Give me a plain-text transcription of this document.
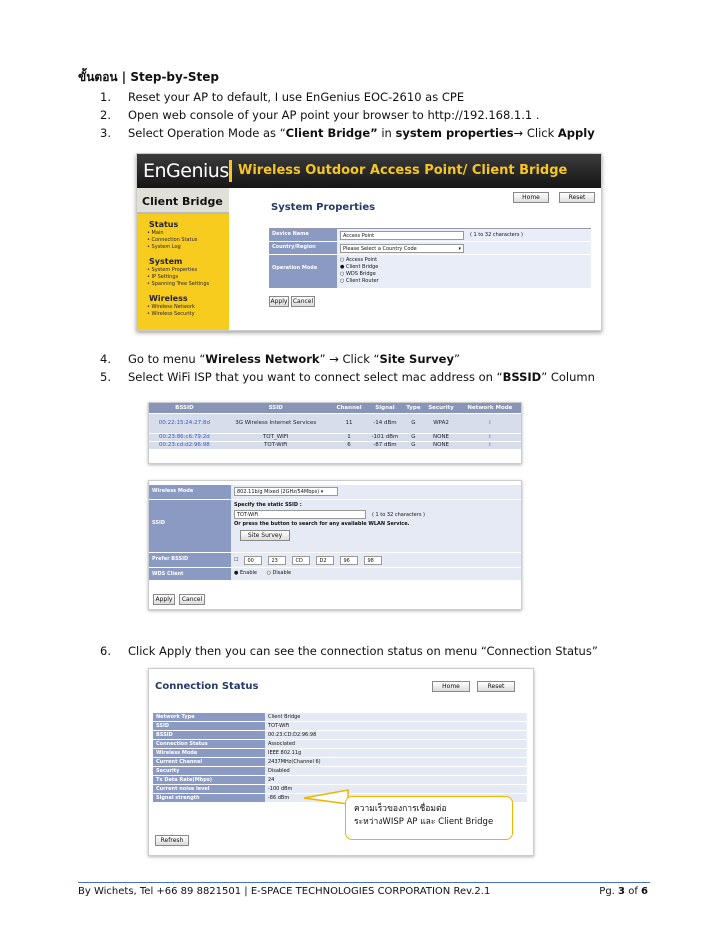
ขั้นตอน | Step-by-Step
1.	Reset your AP to default, I use EnGenius EOC-2610 as CPE
2.	Open web console of your AP point your browser to http://192.168.1.1 .
3.	Select Operation Mode as “Client Bridge” in system properties→ Click Apply
EnGenius Wireless Outdoor Access Point/ Client Bridge
Client Bridge
Status
• Main
• Connection Status
• System Log
System
• System Properties
• IP Settings
• Spanning Tree Settings
Wireless
• Wireless Network
• Wireless Security
System Properties
Home	Reset
Device Name	Access Point	( 1 to 32 characters )
Country/Region	Please Select a Country Code	▾
Operation Mode
○ Access Point
● Client Bridge
○ WDS Bridge
○ Client Router
Apply Cancel
4.	Go to menu “Wireless Network” → Click “Site Survey”
5.	Select WiFi ISP that you want to connect select mac address on “BSSID” Column
BSSID	SSID	Channel	Signal	Type	Security	Network Mode
00:22:15:24:27:8d	3G Wireless Internet Services	11	-14 dBm	G	WPA2	i
00:23:86:c6:79:2d	TOT_WIFI	1	-101 dBm	G	NONE	i
00:23:cd:d2:96:98	TOT-WiFi	6	-87 dBm	G	NONE	i
Wireless Mode	802.11b/g Mixed (2GHz/54Mbps) ▾
SSID
Specify the static SSID :
TOT-WiFi	( 1 to 32 characters )
Or press the button to search for any available WLAN Service.
Site Survey
Prefer BSSID	☐	00	23	CD	D2	96	98
WDS Client	● Enable ○ Disable
Apply	Cancel
6.	Click Apply then you can see the connection status on menu “Connection Status”
Connection Status	Home	Reset
Network Type	Client Bridge
SSID	TOT-WiFi
BSSID	00:23:CD:D2:96:98
Connection Status	Associated
Wireless Mode	IEEE 802.11g
Current Channel	2437MHz(Channel 6)
Security	Disabled
Tx Data Rate(Mbps)	24
Current noise level	-100 dBm
Signal strength	-86 dBm
Refresh
ความเร็วของการเชื่อมต่อ
ระหว่างWISP AP และ Client Bridge
By Wichets, Tel +66 89 8821501 | E-SPACE TECHNOLOGIES CORPORATION Rev.2.1	Pg. 3 of 6
